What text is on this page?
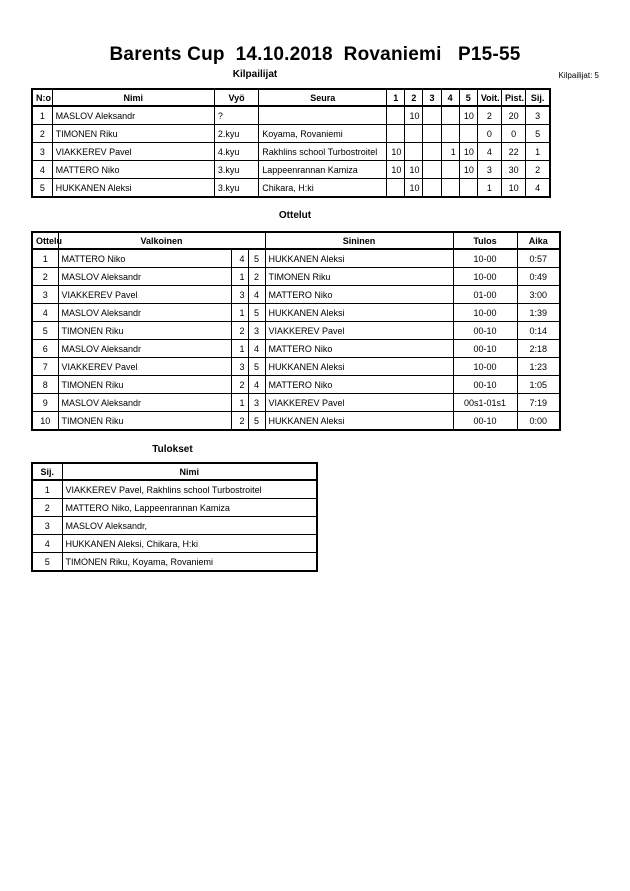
Barents Cup  14.10.2018  Rovaniemi   P15-55
Kilpailijat	Kilpailijat: 5
N:o	Nimi	Vyö	Seura	1	2	3	4	5	Voit.	Pist.	Sij.
1	MASLOV Aleksandr	?			10			10	2	20	3
2	TIMONEN Riku	2.kyu	Koyama, Rovaniemi						0	0	5
3	VIAKKEREV Pavel	4.kyu	Rakhlins school Turbostroitel	10			1	10	4	22	1
4	MATTERO Niko	3.kyu	Lappeenrannan Kamiza	10	10			10	3	30	2
5	HUKKANEN Aleksi	3.kyu	Chikara, H:ki		10				1	10	4
Ottelut
Ottelu	Valkoinen			Sininen	Tulos	Aika
1	MATTERO Niko	4	5	HUKKANEN Aleksi	10-00	0:57
2	MASLOV Aleksandr	1	2	TIMONEN Riku	10-00	0:49
3	VIAKKEREV Pavel	3	4	MATTERO Niko	01-00	3:00
4	MASLOV Aleksandr	1	5	HUKKANEN Aleksi	10-00	1:39
5	TIMONEN Riku	2	3	VIAKKEREV Pavel	00-10	0:14
6	MASLOV Aleksandr	1	4	MATTERO Niko	00-10	2:18
7	VIAKKEREV Pavel	3	5	HUKKANEN Aleksi	10-00	1:23
8	TIMONEN Riku	2	4	MATTERO Niko	00-10	1:05
9	MASLOV Aleksandr	1	3	VIAKKEREV Pavel	00s1-01s1	7:19
10	TIMONEN Riku	2	5	HUKKANEN Aleksi	00-10	0:00
Tulokset
Sij.	Nimi
1	VIAKKEREV Pavel, Rakhlins school Turbostroitel
2	MATTERO Niko, Lappeenrannan Kamiza
3	MASLOV Aleksandr,
4	HUKKANEN Aleksi, Chikara, H:ki
5	TIMONEN Riku, Koyama, Rovaniemi
